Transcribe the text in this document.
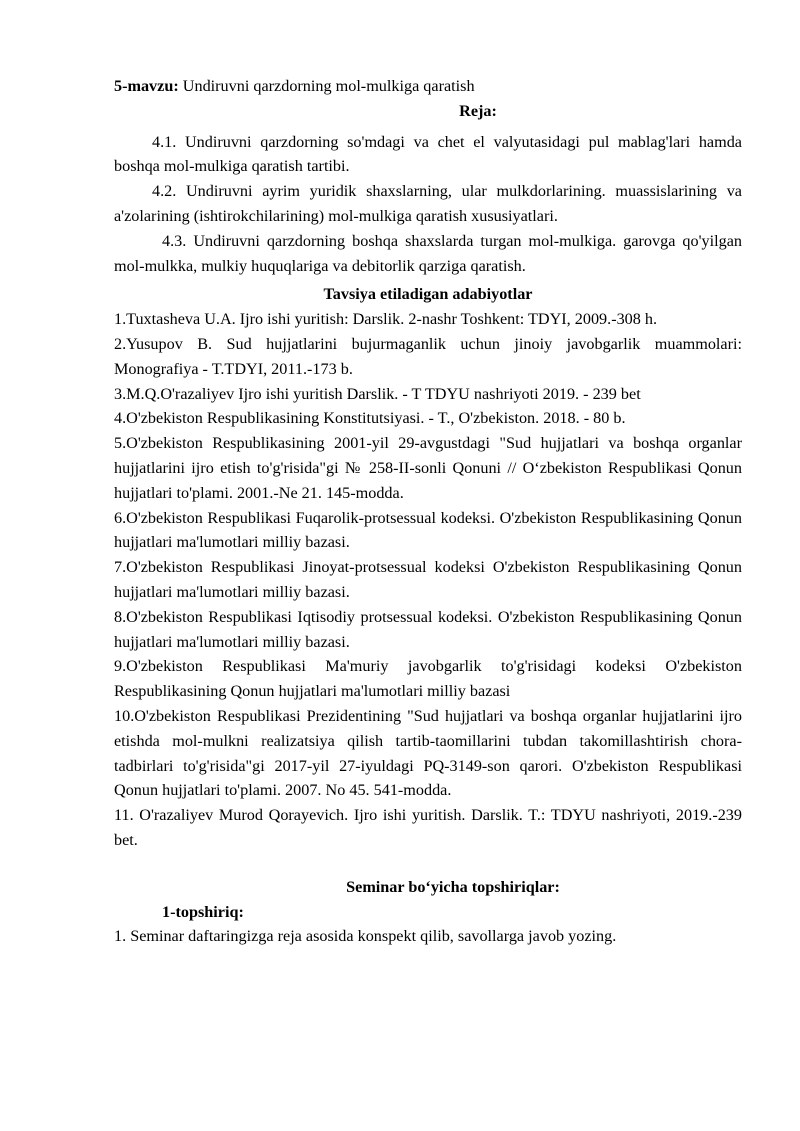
5-mavzu: Undiruvni qarzdorning mol-mulkiga qaratish

Reja:

4.1. Undiruvni qarzdorning so'mdagi va chet el valyutasidagi pul mablag'lari hamda boshqa mol-mulkiga qaratish tartibi.

4.2. Undiruvni ayrim yuridik shaxslarning, ular mulkdorlarining. muassislarining va a'zolarining (ishtirokchilarining) mol-mulkiga qaratish xususiyatlari.

4.3. Undiruvni qarzdorning boshqa shaxslarda turgan mol-mulkiga. garovga qo'yilgan mol-mulkka, mulkiy huquqlariga va debitorlik qarziga qaratish.

Tavsiya etiladigan adabiyotlar

1.Tuxtasheva U.A. Ijro ishi yuritish: Darslik. 2-nashr Toshkent: TDYI, 2009.-308 h.

2.Yusupov B. Sud hujjatlarini bujurmaganlik uchun jinoiy javobgarlik muammolari: Monografiya - T.TDYI, 2011.-173 b.

3.M.Q.O'razaliyev Ijro ishi yuritish Darslik. - T TDYU nashriyoti 2019. - 239 bet

4.O'zbekiston Respublikasining Konstitutsiyasi. - T., O'zbekiston. 2018. - 80 b.

5.O'zbekiston Respublikasining 2001-yil 29-avgustdagi "Sud hujjatlari va boshqa organlar hujjatlarini ijro etish to'g'risida"gi № 258-II-sonli Qonuni // O‘zbekiston Respublikasi Qonun hujjatlari to'plami. 2001.-Ne 21. 145-modda.

6.O'zbekiston Respublikasi Fuqarolik-protsessual kodeksi. O'zbekiston Respublikasining Qonun hujjatlari ma'lumotlari milliy bazasi.

7.O'zbekiston Respublikasi Jinoyat-protsessual kodeksi O'zbekiston Respublikasining Qonun hujjatlari ma'lumotlari milliy bazasi.

8.O'zbekiston Respublikasi Iqtisodiy protsessual kodeksi. O'zbekiston Respublikasining Qonun hujjatlari ma'lumotlari milliy bazasi.

9.O'zbekiston Respublikasi Ma'muriy javobgarlik to'g'risidagi kodeksi O'zbekiston Respublikasining Qonun hujjatlari ma'lumotlari milliy bazasi

10.O'zbekiston Respublikasi Prezidentining "Sud hujjatlari va boshqa organlar hujjatlarini ijro etishda mol-mulkni realizatsiya qilish tartib-taomillarini tubdan takomillashtirish chora-tadbirlari to'g'risida"gi 2017-yil 27-iyuldagi PQ-3149-son qarori. O'zbekiston Respublikasi Qonun hujjatlari to'plami. 2007. No 45. 541-modda.

11. O'razaliyev Murod Qorayevich. Ijro ishi yuritish. Darslik. T.: TDYU nashriyoti, 2019.-239 bet.

Seminar bo‘yicha topshiriqlar:

1-topshiriq:

1. Seminar daftaringizga reja asosida konspekt qilib, savollarga javob yozing.
